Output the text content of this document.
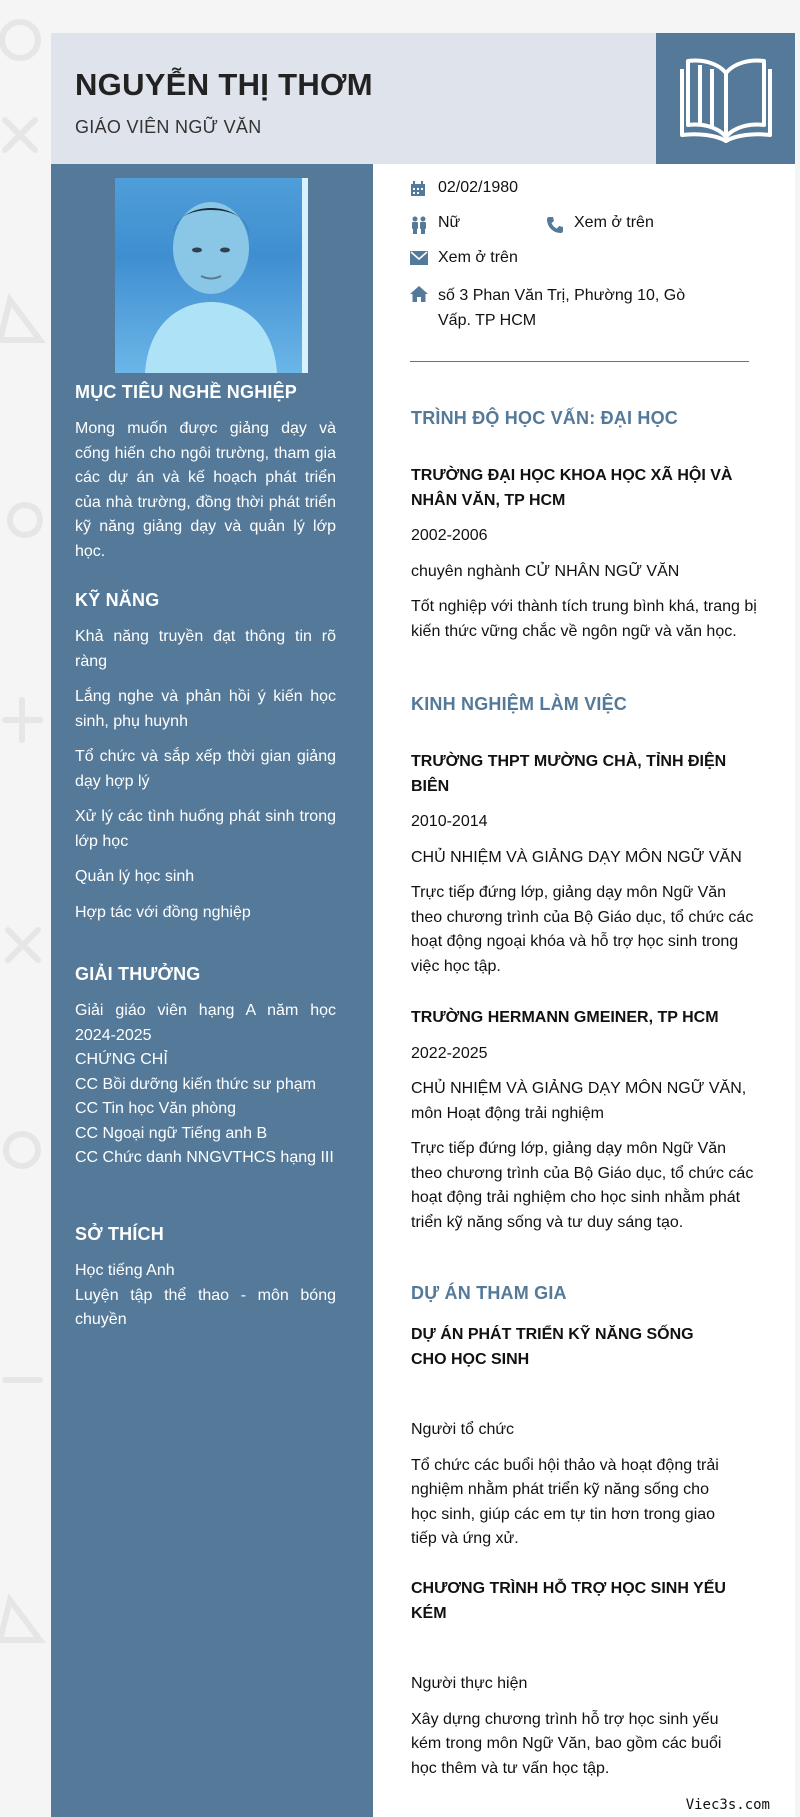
NGUYỄN THỊ THƠM
GIÁO VIÊN NGỮ VĂN
MỤC TIÊU NGHỀ NGHIỆP

Mong muốn được giảng dạy và cống hiến cho ngôi trường, tham gia các dự án và kế hoạch phát triển của nhà trường, đồng thời phát triển kỹ năng giảng dạy và quản lý lớp học.

KỸ NĂNG

Khả năng truyền đạt thông tin rõ ràng

Lắng nghe và phản hồi ý kiến học sinh, phụ huynh

Tổ chức và sắp xếp thời gian giảng dạy hợp lý

Xử lý các tình huống phát sinh trong lớp học

Quản lý học sinh

Hợp tác với đồng nghiệp

GIẢI THƯỞNG

Giải giáo viên hạng A năm học 2024-2025

CHỨNG CHỈ

CC Bồi dưỡng kiến thức sư phạm

CC Tin học Văn phòng

CC Ngoại ngữ Tiếng anh B

CC Chức danh NNGVTHCS hạng III

SỞ THÍCH

Học tiếng Anh

Luyện tập thể thao - môn bóng chuyền

02/02/1980
Nữ	Xem ở trên
Xem ở trên
số 3 Phan Văn Trị, Phường 10, Gò Vấp. TP HCM
TRÌNH ĐỘ HỌC VẤN: ĐẠI HỌC
TRƯỜNG ĐẠI HỌC KHOA HỌC XÃ HỘI VÀ NHÂN VĂN, TP HCM
2002-2006
chuyên nghành CỬ NHÂN NGỮ VĂN
Tốt nghiệp với thành tích trung bình khá, trang bị kiến thức vững chắc về ngôn ngữ và văn học.
KINH NGHIỆM LÀM VIỆC
TRƯỜNG THPT MƯỜNG CHÀ, TỈNH ĐIỆN BIÊN
2010-2014
CHỦ NHIỆM VÀ GIẢNG DẠY MÔN NGỮ VĂN
Trực tiếp đứng lớp, giảng dạy môn Ngữ Văn theo chương trình của Bộ Giáo dục, tổ chức các hoạt động ngoại khóa và hỗ trợ học sinh trong việc học tập.
TRƯỜNG HERMANN GMEINER, TP HCM
2022-2025
CHỦ NHIỆM VÀ GIẢNG DẠY MÔN NGỮ VĂN, môn Hoạt động trải nghiệm
Trực tiếp đứng lớp, giảng dạy môn Ngữ Văn theo chương trình của Bộ Giáo dục, tổ chức các hoạt động trải nghiệm cho học sinh nhằm phát triển kỹ năng sống và tư duy sáng tạo.
DỰ ÁN THAM GIA
DỰ ÁN PHÁT TRIỂN KỸ NĂNG SỐNG CHO HỌC SINH
Người tổ chức
Tổ chức các buổi hội thảo và hoạt động trải nghiệm nhằm phát triển kỹ năng sống cho học sinh, giúp các em tự tin hơn trong giao tiếp và ứng xử.
CHƯƠNG TRÌNH HỖ TRỢ HỌC SINH YẾU KÉM
Người thực hiện
Xây dựng chương trình hỗ trợ học sinh yếu kém trong môn Ngữ Văn, bao gồm các buổi học thêm và tư vấn học tập.
Viec3s.com
